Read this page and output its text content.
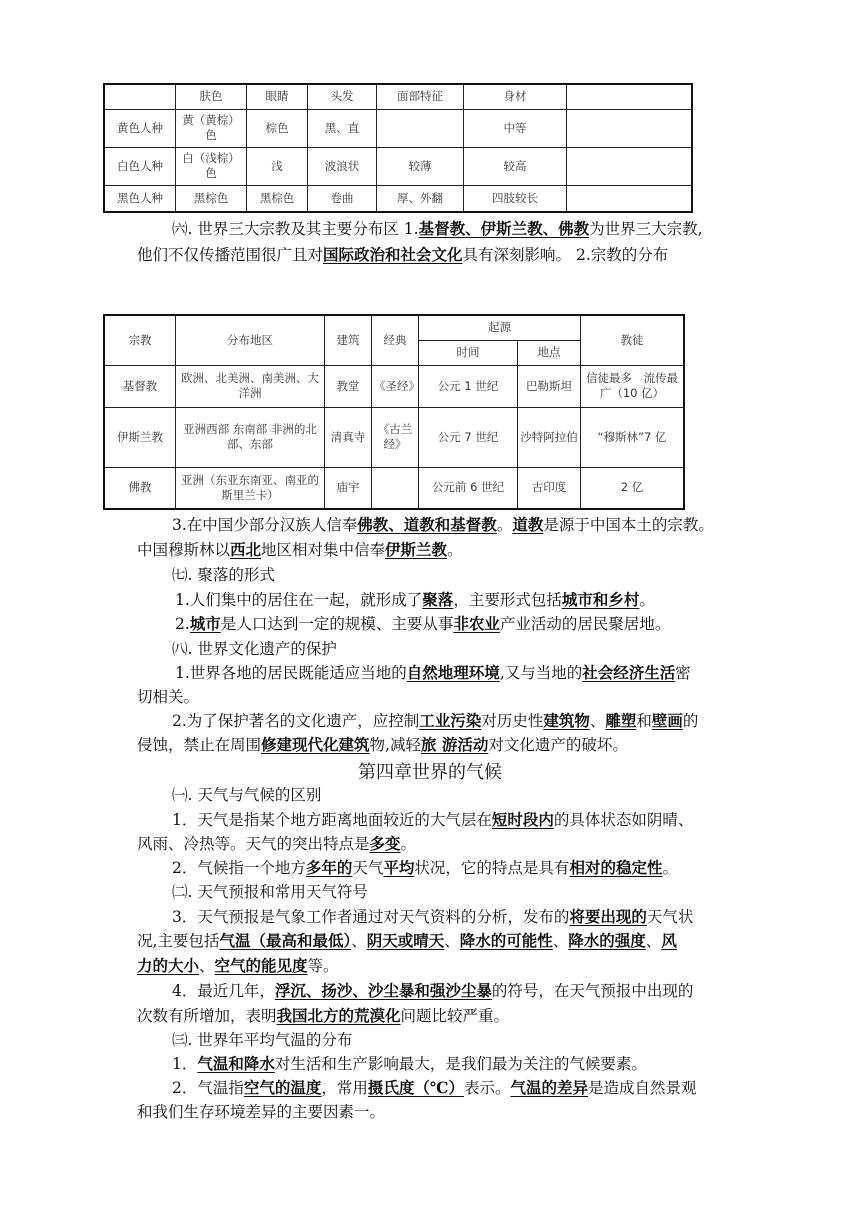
	肤色	眼睛	头发	面部特征	身材	
黄色人种	黄（黄棕）色	棕色	黑、直		中等	
白色人种	白（浅棕）色	浅	波浪状	较薄	较高	
黑色人种	黑棕色	黑棕色	卷曲	厚、外翻	四肢较长	
㈥. 世界三大宗教及其主要分布区 1.基督教、伊斯兰教、佛教为世界三大宗教,
他们不仅传播范围很广且对国际政治和社会文化具有深刻影响。 2.宗教的分布
宗教	分布地区	建筑	经典	起源		教徒
				时间	地点	
基督教	欧洲、北美洲、南美洲、大洋洲	教堂	《圣经》	公元 1 世纪	巴勒斯坦	信徒最多　流传最广（10 亿）
伊斯兰教	亚洲西部 东南部 非洲的北部、东部	清真寺	《古兰经》	公元 7 世纪	沙特阿拉伯	“穆斯林”7 亿
佛教	亚洲（东亚东南亚、南亚的斯里兰卡）	庙宇		公元前 6 世纪	古印度	2 亿
3.在中国少部分汉族人信奉佛教、道教和基督教。道教是源于中国本土的宗教。
中国穆斯林以西北地区相对集中信奉伊斯兰教。
㈦. 聚落的形式
1.人们集中的居住在一起，就形成了聚落，主要形式包括城市和乡村。
2.城市是人口达到一定的规模、主要从事非农业产业活动的居民聚居地。
㈧. 世界文化遗产的保护
1.世界各地的居民既能适应当地的自然地理环境,又与当地的社会经济生活密
切相关。
2.为了保护著名的文化遗产，应控制工业污染对历史性建筑物、雕塑和壁画的
侵蚀，禁止在周围修建现代化建筑物,减轻旅 游活动对文化遗产的破坏。
第四章世界的气候
㈠. 天气与气候的区别
1．天气是指某个地方距离地面较近的大气层在短时段内的具体状态如阴晴、
风雨、冷热等。天气的突出特点是多变。
2．气候指一个地方多年的天气平均状况，它的特点是具有相对的稳定性。
㈡. 天气预报和常用天气符号
3．天气预报是气象工作者通过对天气资料的分析，发布的将要出现的天气状
况,主要包括气温（最高和最低）、阴天或晴天、降水的可能性、降水的强度、风
力的大小、空气的能见度等。
4．最近几年，浮沉、扬沙、沙尘暴和强沙尘暴的符号，在天气预报中出现的
次数有所增加，表明我国北方的荒漠化问题比较严重。
㈢. 世界年平均气温的分布
1．气温和降水对生活和生产影响最大，是我们最为关注的气候要素。
2．气温指空气的温度，常用摄氏度（℃）表示。气温的差异是造成自然景观
和我们生存环境差异的主要因素一。
